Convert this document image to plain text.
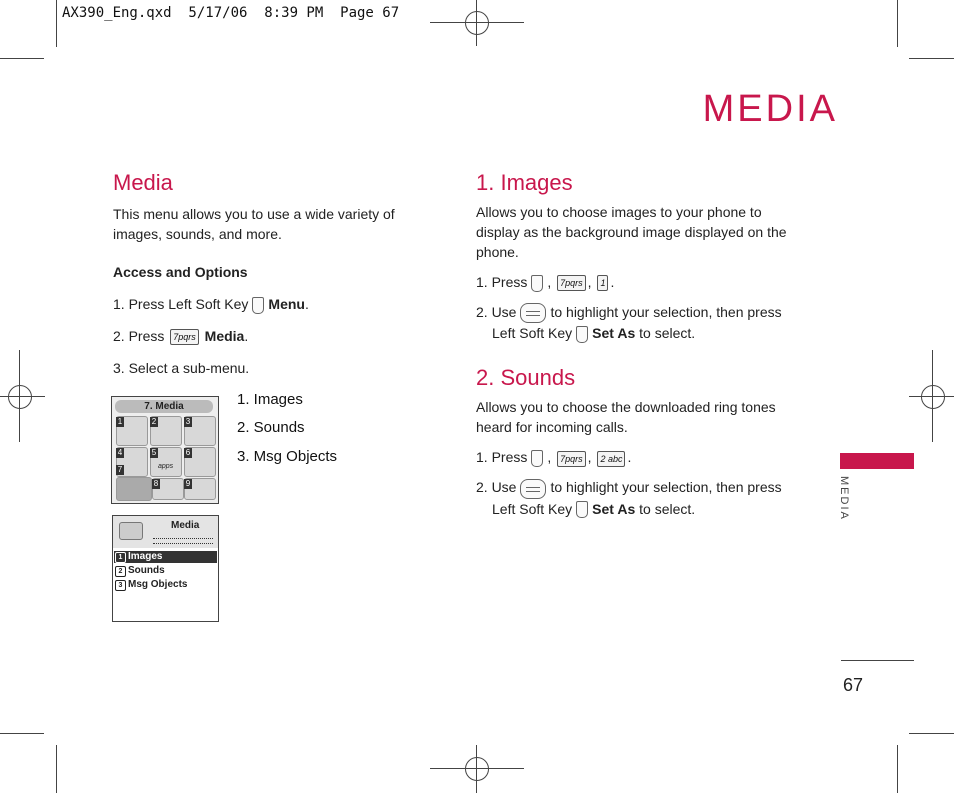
AX390_Eng.qxd  5/17/06  8:39 PM  Page 67
MEDIA
Media
This menu allows you to use a wide variety of images, sounds, and more.
Access and Options
1. Press Left Soft Key Menu.
2. Press 7pqrs Media.
3. Select a sub-menu.
7. Media
1	2	3
4	5
apps
6
7
8	9
Media
1 Images
2 Sounds
3 Msg Objects
1. Images
2. Sounds
3. Msg Objects
1. Images
Allows you to choose images to your phone to display as the background image displayed on the phone.
1. Press , 7pqrs , 1 .
2. Use to highlight your selection, then press Left Soft Key Set As to select.
2. Sounds
Allows you to choose the downloaded ring tones heard for incoming calls.
1. Press , 7pqrs , 2 abc .
2. Use to highlight your selection, then press Left Soft Key Set As to select.	MEDIA
67
